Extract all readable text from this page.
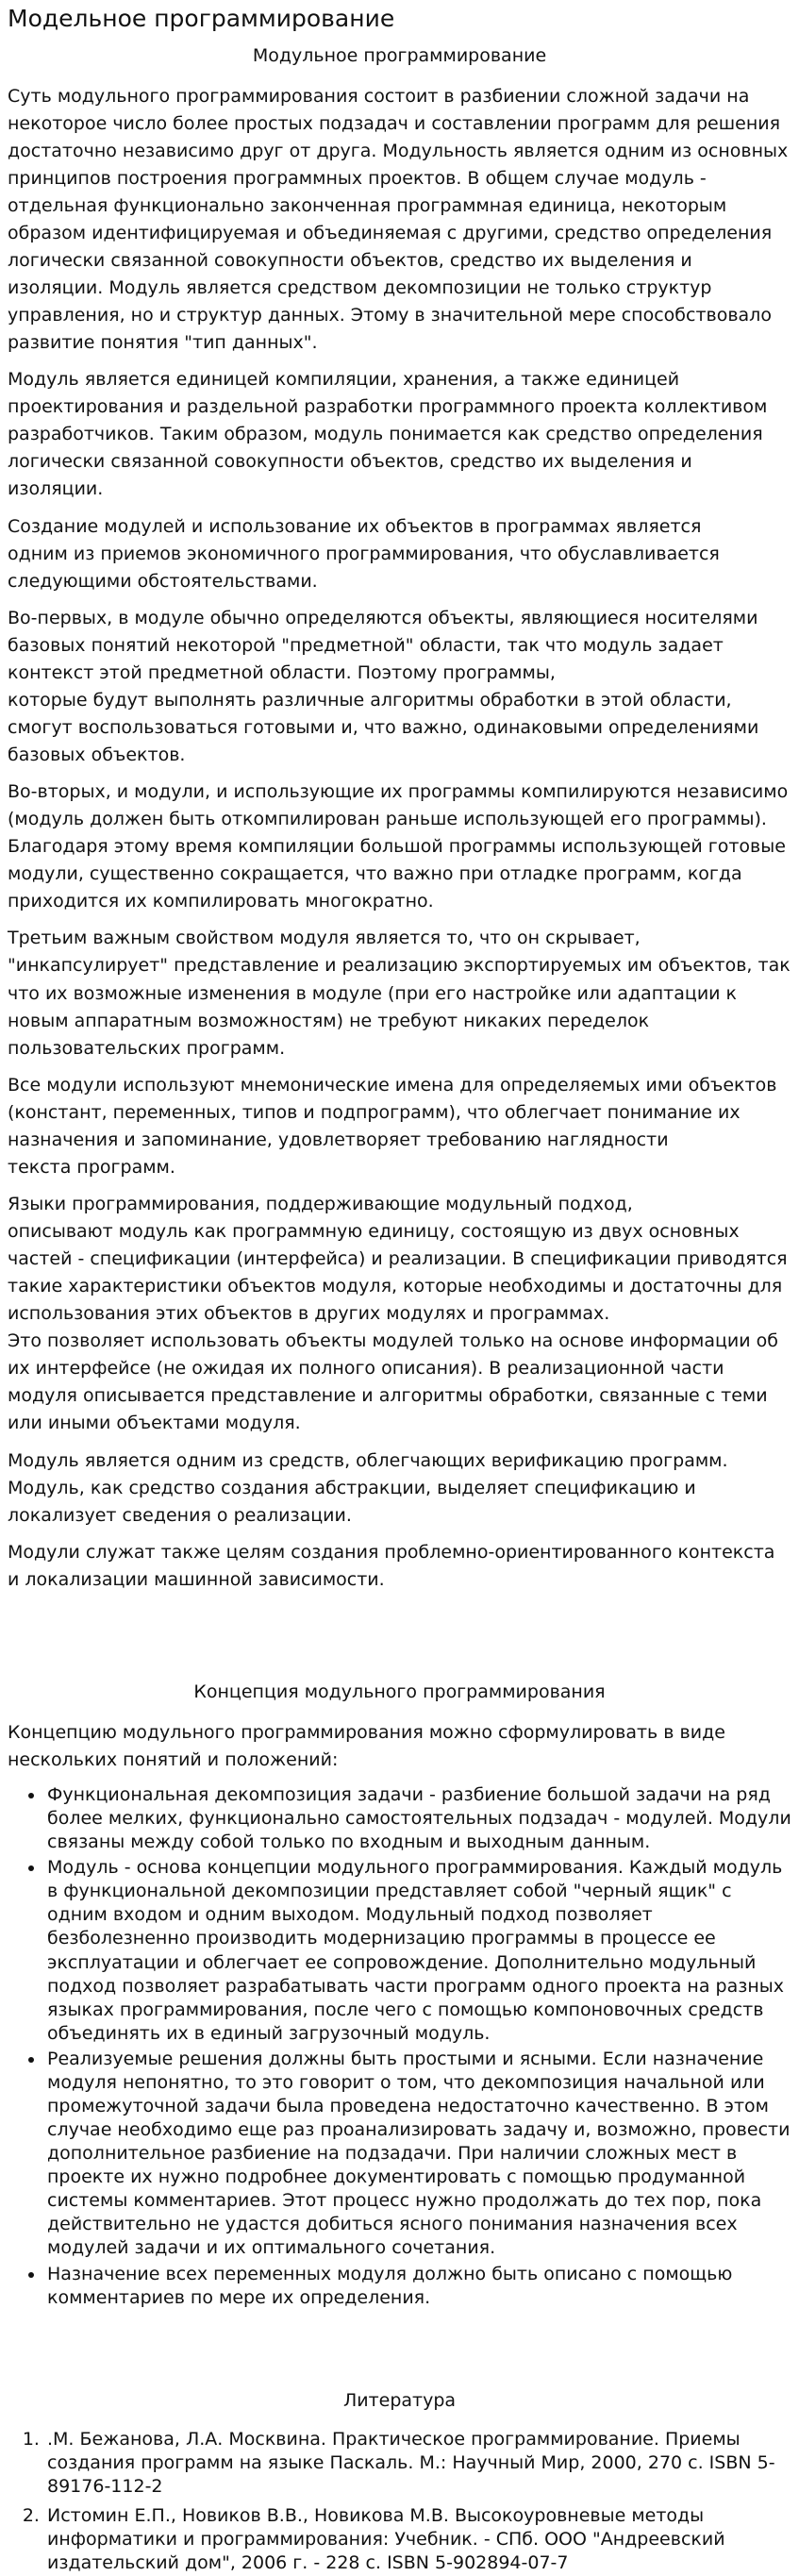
Модельное программирование
Модульное программирование

Суть модульного программирования состоит в разбиении сложной задачи на некоторое число более простых подзадач и составлении программ для решения достаточно независимо друг от друга. Модульность является одним из основных принципов построения программных проектов. В общем случае модуль - отдельная функционально законченная программная единица, некоторым образом идентифицируемая и объединяемая с другими, средство определения логически связанной совокупности объектов, средство их выделения и изоляции. Модуль является средством декомпозиции не только структур управления, но и структур данных. Этому в значительной мере способствовало развитие понятия "тип данных".

Модуль является единицей компиляции, хранения, а также единицей проектирования и раздельной разработки программного проекта коллективом разработчиков. Таким образом, модуль понимается как средство определения логически связанной совокупности объектов, средство их выделения и изоляции.

Создание модулей и использование их объектов в программах является
одним из приемов экономичного программирования, что обуславливается следующими обстоятельствами.

Во-первых, в модуле обычно определяются объекты, являющиеся носителями базовых понятий некоторой "предметной" области, так что модуль задает контекст этой предметной области. Поэтому программы,
которые будут выполнять различные алгоритмы обработки в этой области, смогут воспользоваться готовыми и, что важно, одинаковыми определениями базовых объектов.

Во-вторых, и модули, и использующие их программы компилируются независимо (модуль должен быть откомпилирован раньше использующей его программы). Благодаря этому время компиляции большой программы использующей готовые модули, существенно сокращается, что важно при отладке программ, когда приходится их компилировать многократно.

Третьим важным свойством модуля является то, что он скрывает, "инкапсулирует" представление и реализацию экспортируемых им объектов, так что их возможные изменения в модуле (при его настройке или адаптации к новым аппаратным возможностям) не требуют никаких переделок пользовательских программ.

Все модули используют мнемонические имена для определяемых ими объектов (констант, переменных, типов и подпрограмм), что облегчает понимание их назначения и запоминание, удовлетворяет требованию наглядности
текста программ.

Языки программирования, поддерживающие модульный подход,
описывают модуль как программную единицу, состоящую из двух основных частей - спецификации (интерфейса) и реализации. В спецификации приводятся такие характеристики объектов модуля, которые необходимы и достаточны для использования этих объектов в других модулях и программах.
Это позволяет использовать объекты модулей только на основе информации об их интерфейсе (не ожидая их полного описания). В реализационной части модуля описывается представление и алгоритмы обработки, связанные с теми или иными объектами модуля.

Модуль является одним из средств, облегчающих верификацию программ. Модуль, как средство создания абстракции, выделяет спецификацию и локализует сведения о реализации.

Модули служат также целям создания проблемно-ориентированного контекста и локализации машинной зависимости.

Концепция модульного программирования

Концепцию модульного программирования можно сформулировать в виде нескольких понятий и положений:

• Функциональная декомпозиция задачи - разбиение большой задачи на ряд более мелких, функционально самостоятельных подзадач - модулей. Модули связаны между собой только по входным и выходным данным.
• Модуль - основа концепции модульного программирования. Каждый модуль в функциональной декомпозиции представляет собой "черный ящик" с одним входом и одним выходом. Модульный подход позволяет безболезненно производить модернизацию программы в процессе ее эксплуатации и облегчает ее сопровождение. Дополнительно модульный подход позволяет разрабатывать части программ одного проекта на разных языках программирования, после чего с помощью компоновочных средств объединять их в единый загрузочный модуль.
• Реализуемые решения должны быть простыми и ясными. Если назначение модуля непонятно, то это говорит о том, что декомпозиция начальной или промежуточной задачи была проведена недостаточно качественно. В этом случае необходимо еще раз проанализировать задачу и, возможно, провести дополнительное разбиение на подзадачи. При наличии сложных мест в проекте их нужно подробнее документировать с помощью продуманной системы комментариев. Этот процесс нужно продолжать до тех пор, пока действительно не удастся добиться ясного понимания назначения всех модулей задачи и их оптимального сочетания.
• Назначение всех переменных модуля должно быть описано с помощью комментариев по мере их определения.
Литература
1. .М. Бежанова, Л.А. Москвина. Практическое программирование. Приемы создания программ на языке Паскаль. М.: Научный Мир, 2000, 270 с. ISBN 5-89176-112-2
2. Истомин Е.П., Новиков В.В., Новикова М.В. Высокоуровневые методы информатики и программирования: Учебник. - СПб. ООО "Андреевский издательский дом", 2006 г. - 228 с. ISBN 5-902894-07-7
